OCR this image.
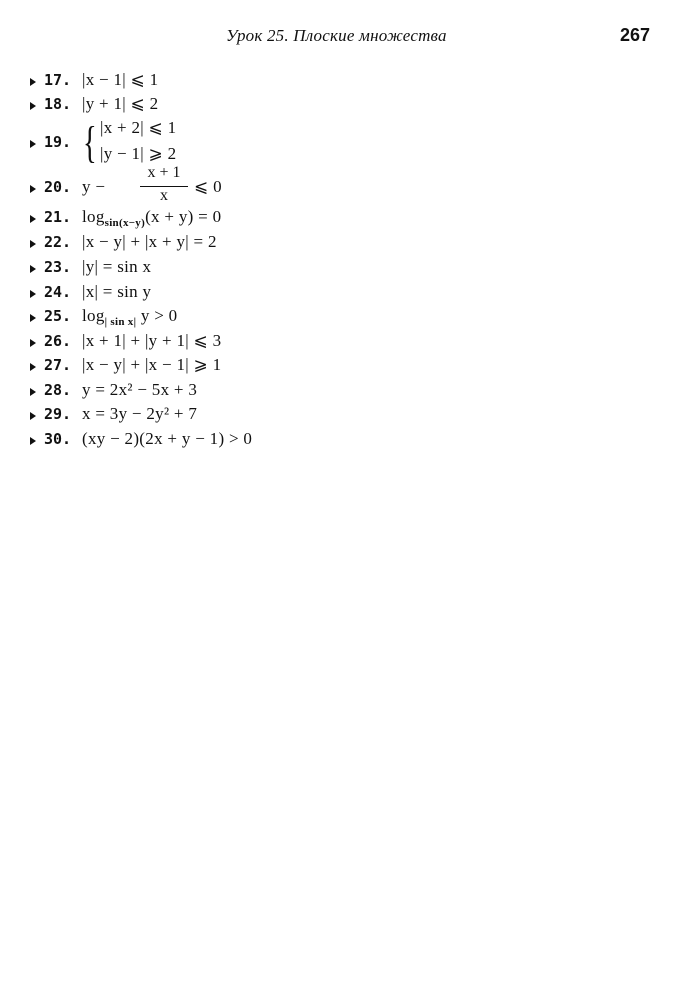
Урок 25. Плоские множества	267
17. |x − 1| ⩽ 1
18. |y + 1| ⩽ 2
19. { |x + 2| ⩽ 1
|y − 1| ⩾ 2
20. y −
x + 1
x	⩽ 0
21. $\log_{sin(x-y)}(x + y) = 0$
22. |x − y| + |x + y| = 2
23. |y| = sin x
24. |x| = sin y
25. $\log_{| sin x|} y > 0$
26. |x + 1| + |y + 1| ⩽ 3
27. |x − y| + |x − 1| ⩾ 1
28. y = 2x² − 5x + 3
29. x = 3y − 2y² + 7
30. (xy − 2)(2x + y − 1) > 0
